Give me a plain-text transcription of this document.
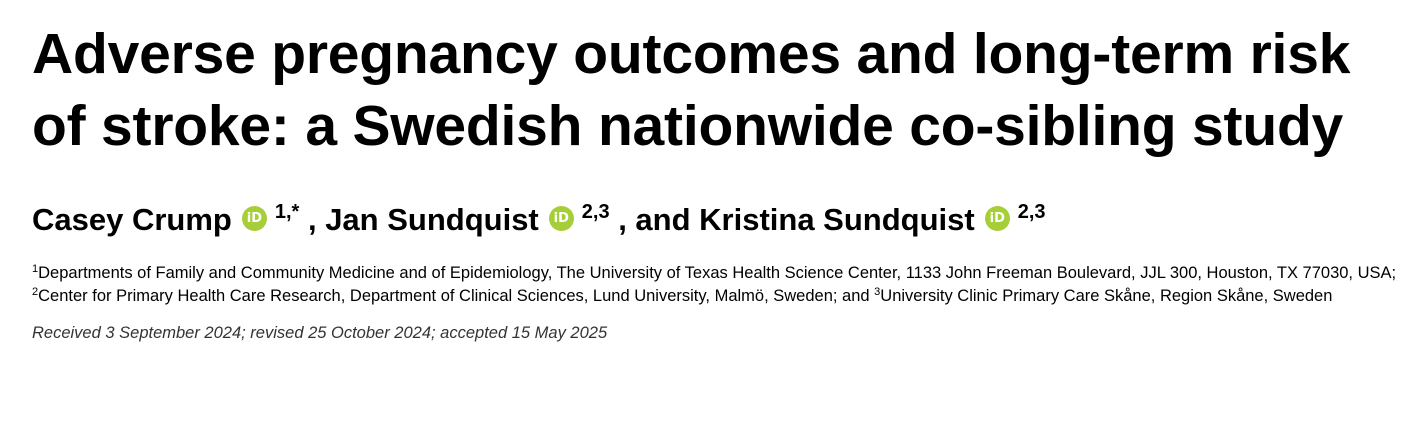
Adverse pregnancy outcomes and long-term risk of stroke: a Swedish nationwide co-sibling study
Casey Crump iD $^{1,*}$ , Jan Sundquist iD $^{2,3}$ , and Kristina Sundquist iD $^{2,3}$
$^1$Departments of Family and Community Medicine and of Epidemiology, The University of Texas Health Science Center, 1133 John Freeman Boulevard, JJL 300, Houston, TX 77030, USA;
$^2$Center for Primary Health Care Research, Department of Clinical Sciences, Lund University, Malmö, Sweden; and $^3$University Clinic Primary Care Skåne, Region Skåne, Sweden
Received 3 September 2024; revised 25 October 2024; accepted 15 May 2025
